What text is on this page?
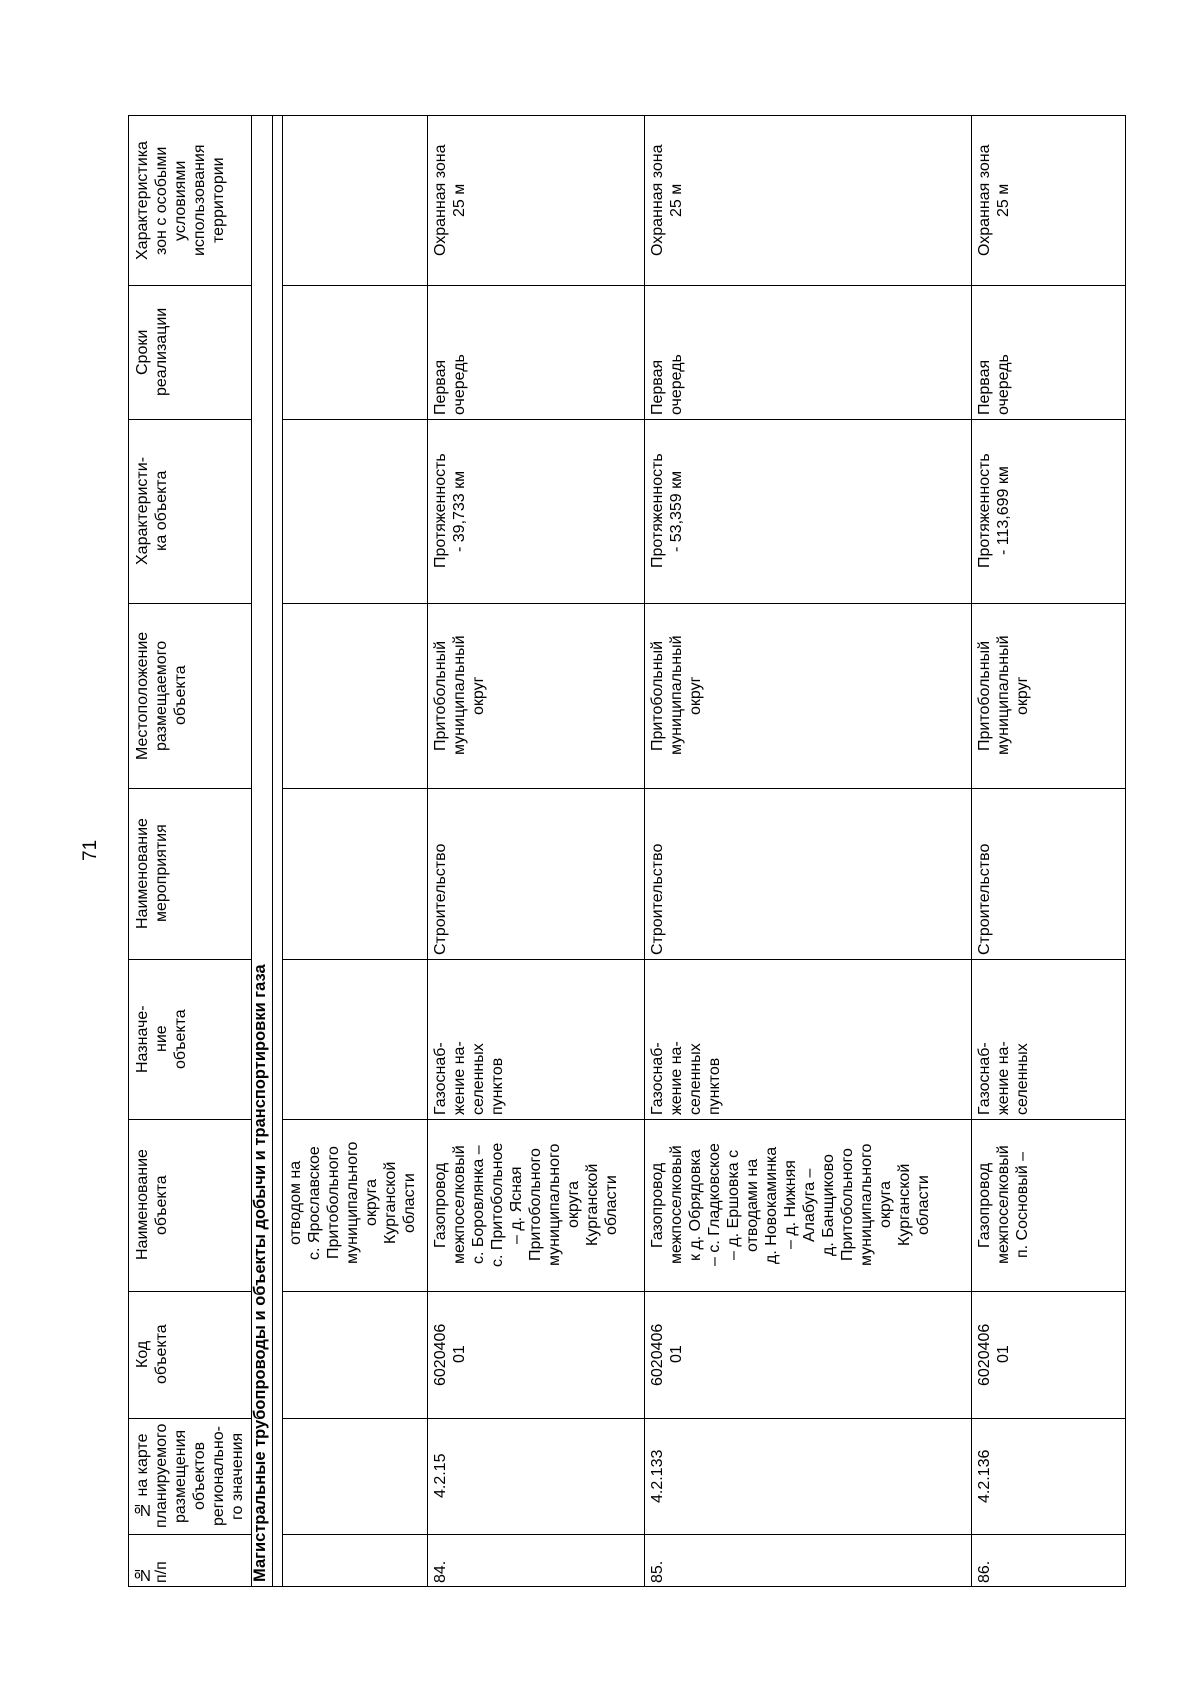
71
Характеристика
зон с особыми
условиями
использования
территории
Сроки
реализации
Характеристи-
ка объекта
Местоположение
размещаемого
объекта
Наименование
мероприятия
Назначе-
ние
объекта
Наименование
объекта
Код
объекта
№ на карте
планируемого
размещения
объектов
регионально-
го значения
№
п/п	Магистральные трубопроводы и объекты добычи и транспортировки газа	отводом на
с. Ярославское
Притобольного
муниципального
округа
Курганской
области
84.
4.2.15
6020406
01
Газопровод
межпоселковый
с. Боровлянка –
с. Притобольное
– д. Ясная
Притобольного
муниципального
округа
Курганской
области
Газоснаб-
жение на-
селенных
пунктов
Строительство
Притобольный
муниципальный
округ
Протяженность
- 39,733 км
Первая
очередь
Охранная зона
25 м
85.
4.2.133
6020406
01
Газопровод
межпоселковый
к д. Обрядовка
– с. Гладковское
– д. Ершовка с
отводами на
д. Новокаминка
– д. Нижняя
Алабуга –
д. Банщиково
Притобольного
муниципального
округа
Курганской
области
Газоснаб-
жение на-
селенных
пунктов
Строительство
Притобольный
муниципальный
округ
Протяженность
- 53,359 км
Первая
очередь
Охранная зона
25 м
86.
4.2.136
6020406
01
Газопровод
межпоселковый
п. Сосновый –
Газоснаб-
жение на-
селенных
Строительство
Притобольный
муниципальный
округ
Протяженность
- 113,699 км
Первая
очередь
Охранная зона
25 м
